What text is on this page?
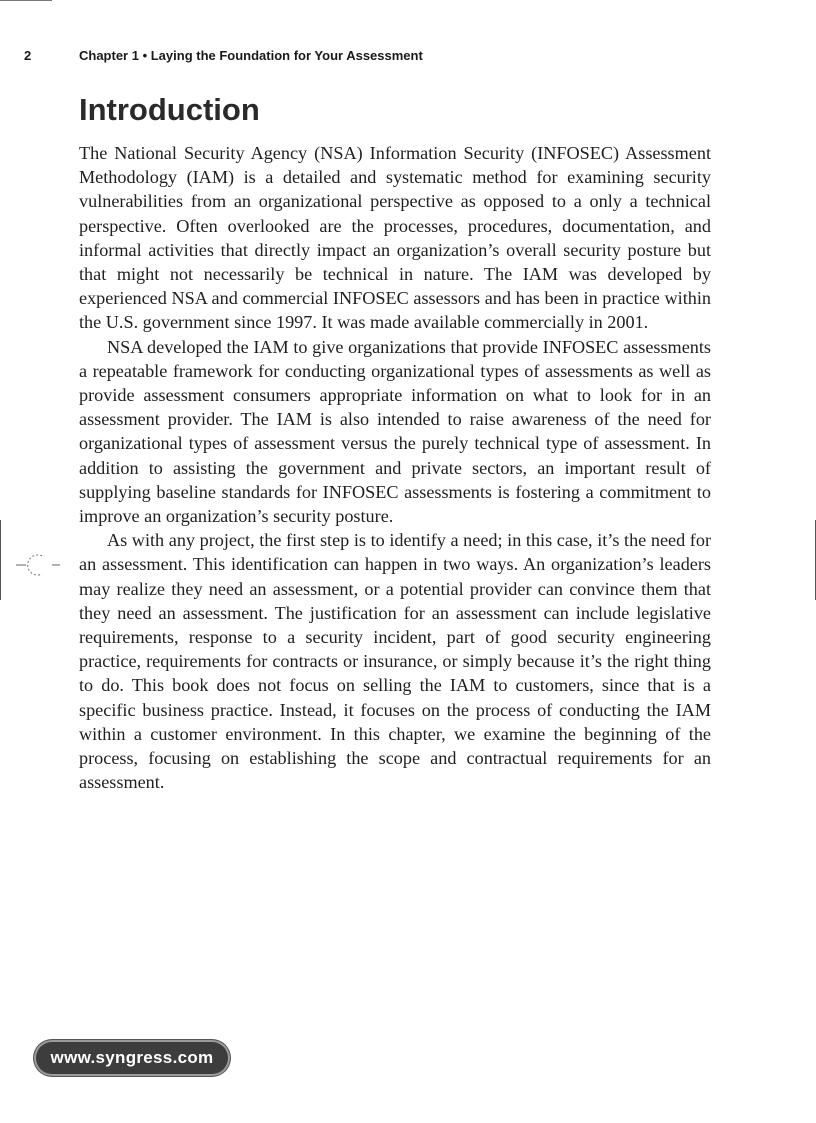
2	Chapter 1 • Laying the Foundation for Your Assessment
Introduction

The National Security Agency (NSA) Information Security (INFOSEC) Assessment Methodology (IAM) is a detailed and systematic method for examining security vulnerabilities from an organizational perspective as opposed to a only a technical perspective. Often overlooked are the processes, procedures, documentation, and informal activities that directly impact an organization’s overall security posture but that might not necessarily be technical in nature. The IAM was developed by experienced NSA and commercial INFOSEC assessors and has been in practice within the U.S. government since 1997. It was made available commercially in 2001.

NSA developed the IAM to give organizations that provide INFOSEC assessments a repeatable framework for conducting organizational types of assessments as well as provide assessment consumers appropriate information on what to look for in an assessment provider. The IAM is also intended to raise awareness of the need for organizational types of assessment versus the purely technical type of assessment. In addition to assisting the government and private sectors, an important result of supplying baseline standards for INFOSEC assessments is fostering a commitment to improve an organization’s security posture.

As with any project, the first step is to identify a need; in this case, it’s the need for an assessment. This identification can happen in two ways. An organization’s leaders may realize they need an assessment, or a potential provider can convince them that they need an assessment. The justification for an assessment can include legislative requirements, response to a security incident, part of good security engineering practice, requirements for contracts or insurance, or simply because it’s the right thing to do. This book does not focus on selling the IAM to customers, since that is a specific business practice. Instead, it focuses on the process of conducting the IAM within a customer environment. In this chapter, we examine the beginning of the process, focusing on establishing the scope and contractual requirements for an assessment.

www.syngress.com
